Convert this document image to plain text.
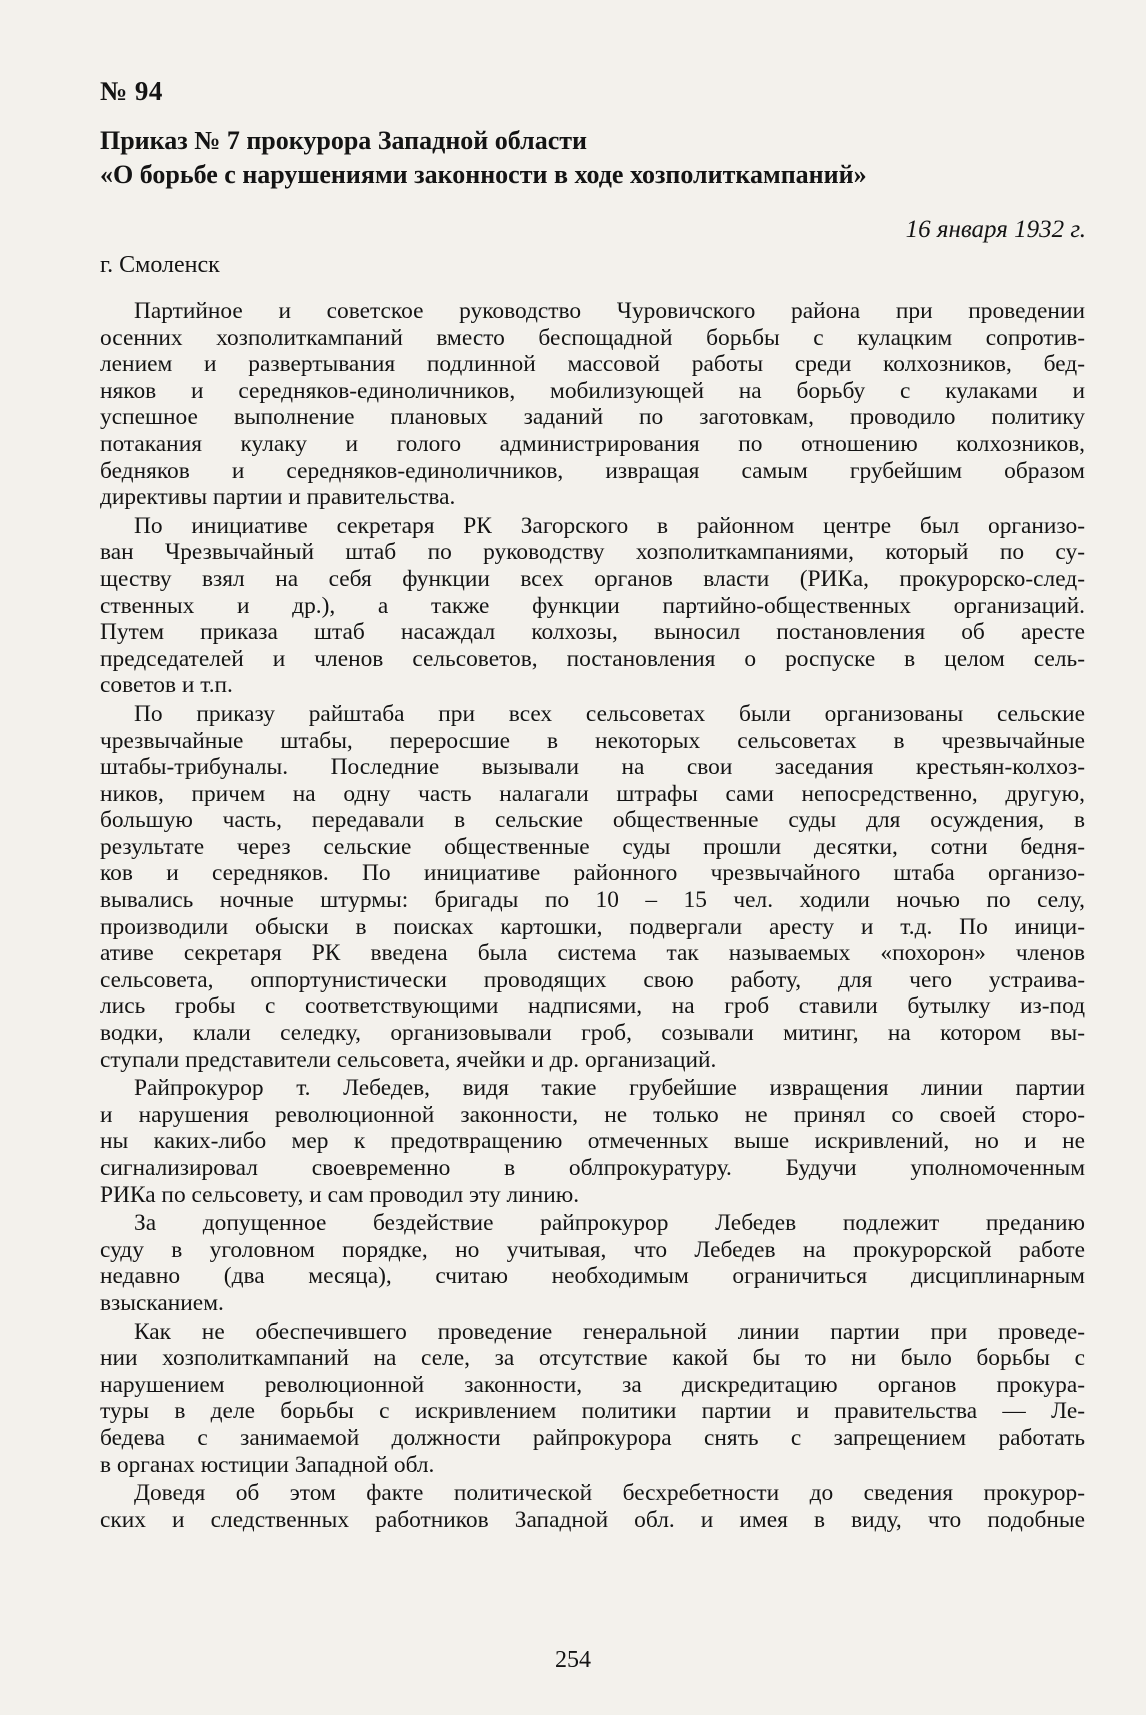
№ 94
Приказ № 7 прокурора Западной области
«О борьбе с нарушениями законности в ходе хозполиткампаний»
16 января 1932 г.
г. Смоленск
Партийное и советское руководство Чуровичского района при проведении
осенних хозполиткампаний вместо беспощадной борьбы с кулацким сопротив-
лением и развертывания подлинной массовой работы среди колхозников, бед-
няков и середняков-единоличников, мобилизующей на борьбу с кулаками и
успешное выполнение плановых заданий по заготовкам, проводило политику
потакания кулаку и голого администрирования по отношению колхозников,
бедняков и середняков-единоличников, извращая самым грубейшим образом
директивы партии и правительства.
По инициативе секретаря РК Загорского в районном центре был организо-
ван Чрезвычайный штаб по руководству хозполиткампаниями, который по су-
ществу взял на себя функции всех органов власти (РИКа, прокурорско-след-
ственных и др.), а также функции партийно-общественных организаций.
Путем приказа штаб насаждал колхозы, выносил постановления об аресте
председателей и членов сельсоветов, постановления о роспуске в целом сель-
советов и т.п.
По приказу райштаба при всех сельсоветах были организованы сельские
чрезвычайные штабы, переросшие в некоторых сельсоветах в чрезвычайные
штабы-трибуналы. Последние вызывали на свои заседания крестьян-колхоз-
ников, причем на одну часть налагали штрафы сами непосредственно, другую,
большую часть, передавали в сельские общественные суды для осуждения, в
результате через сельские общественные суды прошли десятки, сотни бедня-
ков и середняков. По инициативе районного чрезвычайного штаба организо-
вывались ночные штурмы: бригады по 10 – 15 чел. ходили ночью по селу,
производили обыски в поисках картошки, подвергали аресту и т.д. По иници-
ативе секретаря РК введена была система так называемых «похорон» членов
сельсовета, оппортунистически проводящих свою работу, для чего устраива-
лись гробы с соответствующими надписями, на гроб ставили бутылку из-под
водки, клали селедку, организовывали гроб, созывали митинг, на котором вы-
ступали представители сельсовета, ячейки и др. организаций.
Райпрокурор т. Лебедев, видя такие грубейшие извращения линии партии
и нарушения революционной законности, не только не принял со своей сторо-
ны каких-либо мер к предотвращению отмеченных выше искривлений, но и не
сигнализировал своевременно в облпрокуратуру. Будучи уполномоченным
РИКа по сельсовету, и сам проводил эту линию.
За допущенное бездействие райпрокурор Лебедев подлежит преданию
суду в уголовном порядке, но учитывая, что Лебедев на прокурорской работе
недавно (два месяца), считаю необходимым ограничиться дисциплинарным
взысканием.
Как не обеспечившего проведение генеральной линии партии при проведе-
нии хозполиткампаний на селе, за отсутствие какой бы то ни было борьбы с
нарушением революционной законности, за дискредитацию органов прокура-
туры в деле борьбы с искривлением политики партии и правительства — Ле-
бедева с занимаемой должности райпрокурора снять с запрещением работать
в органах юстиции Западной обл.
Доведя об этом факте политической бесхребетности до сведения прокурор-
ских и следственных работников Западной обл. и имея в виду, что подобные
254
